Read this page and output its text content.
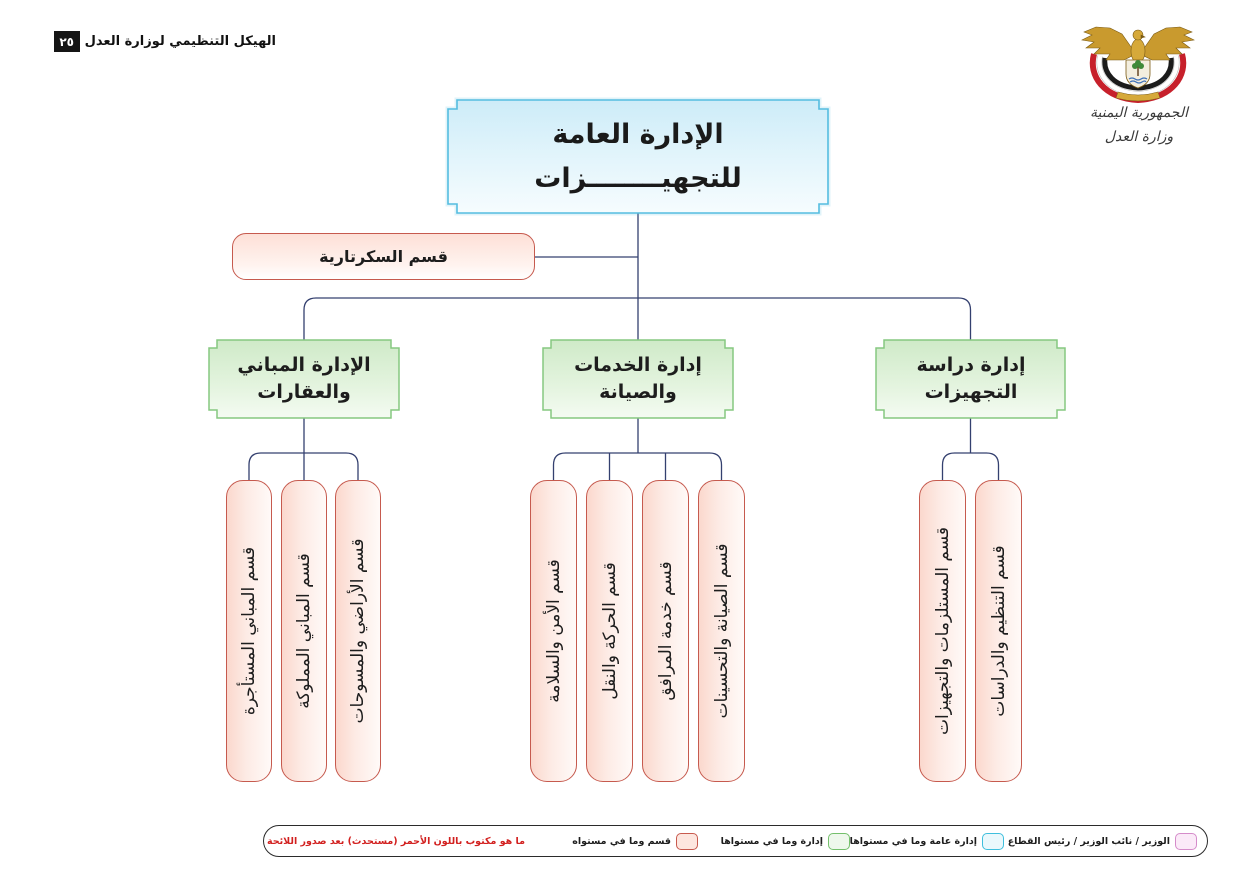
الهيكل التنظيمي لوزارة العدل
٢٥
الجمهورية اليمنية
وزارة العدل
الإدارة العامة
للتجهيــــــــزات
قسم السكرتارية
إدارة دراسة
التجهيزات
إدارة الخدمات
والصيانة
الإدارة المباني
والعقارات
قسم التنظيم والدراسات
قسم المستلزمات والتجهيزات
قسم الصيانة والتحسينات
قسم خدمة المرافق
قسم الحركة والنقل
قسم الأمن والسلامة
قسم الأراضي والمسوحات
قسم المباني المملوكة
قسم المباني المستأجرة
الوزير / نائب الوزير / رئيس القطاع
إدارة عامة وما في مستواها
إدارة وما في مستواها
قسم وما في مستواه
ما هو مكتوب باللون الأحمر (مستحدث) بعد صدور اللائحة
